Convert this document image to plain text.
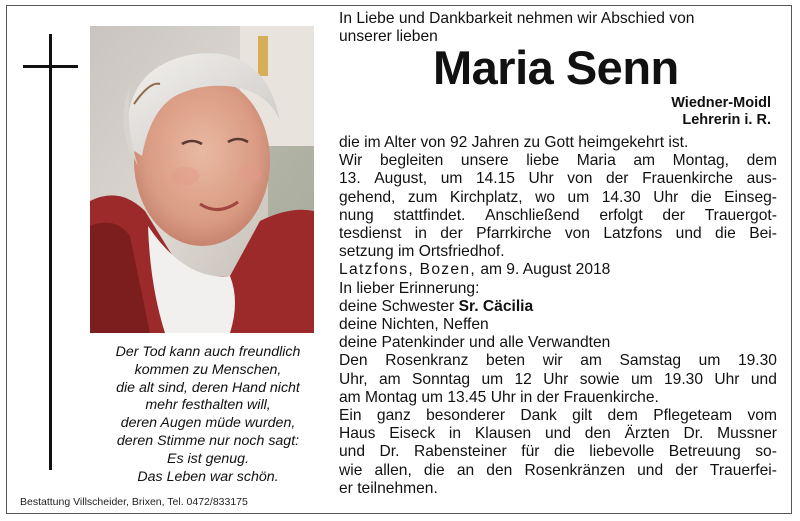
Der Tod kann auch freundlich
kommen zu Menschen,
die alt sind, deren Hand nicht
mehr festhalten will,
deren Augen müde wurden,
deren Stimme nur noch sagt:
Es ist genug.
Das Leben war schön.
Bestattung Villscheider, Brixen, Tel. 0472/833175
In Liebe und Dankbarkeit nehmen wir Abschied von
unserer lieben
Maria Senn
Wiedner-Moidl
Lehrerin i. R.
die im Alter von 92 Jahren zu Gott heimgekehrt ist.
Wir begleiten unsere liebe Maria am Montag, dem
13. August, um 14.15 Uhr von der Frauenkirche aus-
gehend, zum Kirchplatz, wo um 14.30 Uhr die Einseg-
nung stattfindet. Anschließend erfolgt der Trauergot-
tesdienst in der Pfarrkirche von Latzfons und die Bei-
setzung im Ortsfriedhof.
Latzfons, Bozen, am 9. August 2018
In lieber Erinnerung:
deine Schwester Sr. Cäcilia
deine Nichten, Neffen
deine Patenkinder und alle Verwandten
Den Rosenkranz beten wir am Samstag um 19.30
Uhr, am Sonntag um 12 Uhr sowie um 19.30 Uhr und
am Montag um 13.45 Uhr in der Frauenkirche.
Ein ganz besonderer Dank gilt dem Pflegeteam vom
Haus Eiseck in Klausen und den Ärzten Dr. Mussner
und Dr. Rabensteiner für die liebevolle Betreuung so-
wie allen, die an den Rosenkränzen und der Trauerfei-
er teilnehmen.
